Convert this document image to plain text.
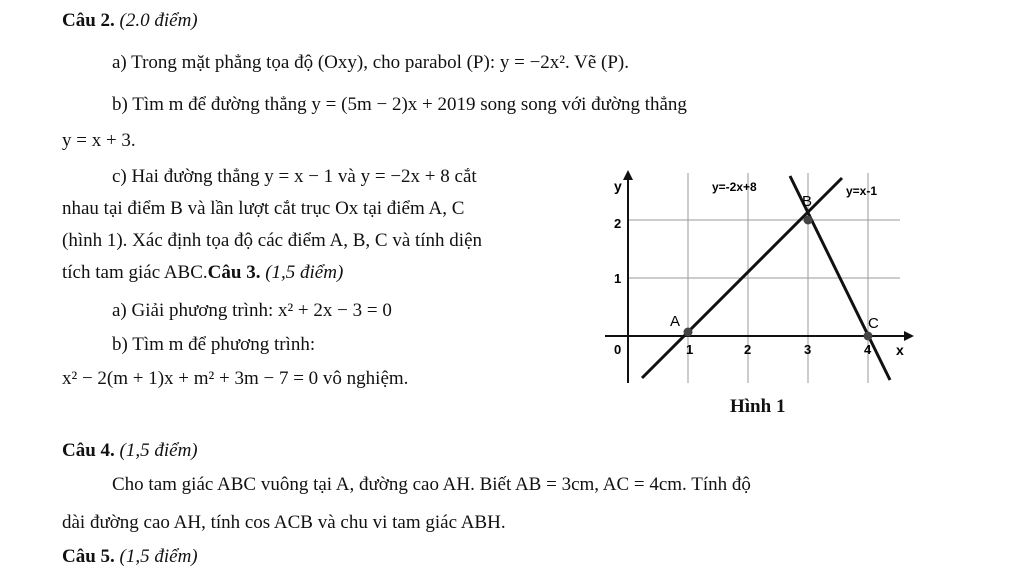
Câu 2. (2.0 điểm)
a) Trong mặt phẳng tọa độ (Oxy), cho parabol (P): y = −2x². Vẽ (P).
b) Tìm m để đường thẳng y = (5m − 2)x + 2019 song song với đường thẳng
y = x + 3.
c) Hai đường thẳng y = x − 1 và y = −2x + 8 cắt
nhau tại điểm B và lần lượt cắt trục Ox tại điểm A, C
(hình 1). Xác định tọa độ các điểm A, B, C và tính diện
tích tam giác ABC.Câu 3. (1,5 điểm)
a) Giải phương trình: x² + 2x − 3 = 0
b) Tìm m để phương trình:
x² − 2(m + 1)x + m² + 3m − 7 = 0 vô nghiệm.
y
x
0	1	2	3	4
1
2
y=-2x+8	y=x-1
A
B
C
Hình 1
Câu 4. (1,5 điểm)
Cho tam giác ABC vuông tại A, đường cao AH. Biết AB = 3cm, AC = 4cm. Tính độ
dài đường cao AH, tính cos ACB và chu vi tam giác ABH.
Câu 5. (1,5 điểm)
